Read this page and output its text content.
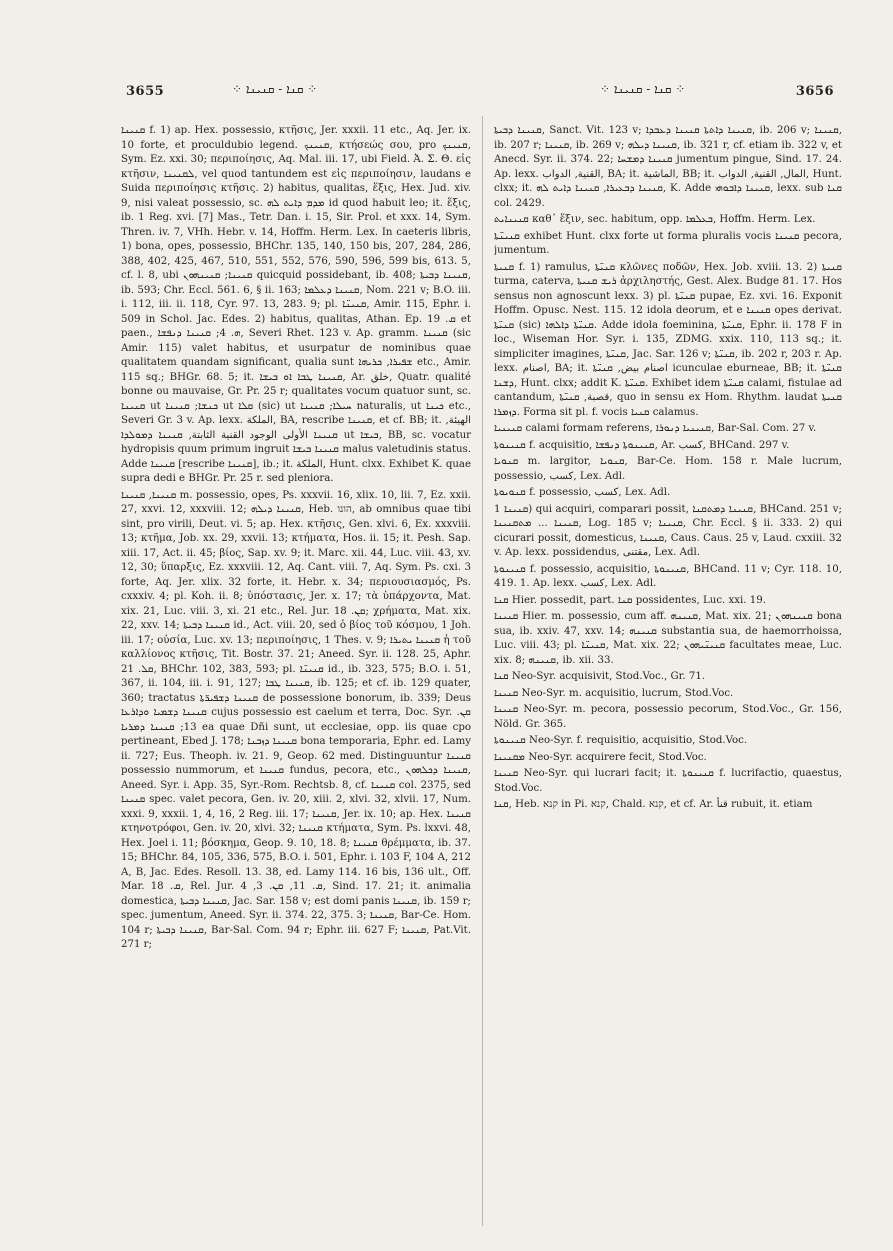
3655	⁘ ܩܢܐ - ܩܢܝܢܐ ⁘	⁘ ܩܢܐ - ܩܢܝܢܐ ⁘	3656

ܩܢܝܢܐ f. 1) ap. Hex. possessio, κτῆσις, Jer. xxxii. 11 etc., Aq. Jer. ix. 10 forte, et proculdubio legend. ܩܢܝܢܟ, κτήσεώς σου, pro ܩܢܝܢܟ, Sym. Ez. xxi. 30; περιποίησις, Aq. Mal. iii. 17, ubi Field. Ἀ. Σ. Θ. εἰς κτῆσιν, ܠܩܢܝܢܐ, vel quod tantundem est εἰς περιποίησιν, laudans e Suida περιποίησις κτῆσις. 2) habitus, qualitas, ἕξις, Hex. Jud. xiv. 9, nisi valeat possessio, sc. ܡܕܡ ܕܐܝܬ ܠܗ id quod habuit leo; it. ἕξις, ib. 1 Reg. xvi. [7] Mas., Tetr. Dan. i. 15, Sir. Prol. et xxx. 14, Sym. Thren. iv. 7, VHh. Hebr. v. 14, Hoffm. Herm. Lex. In caeteris libris, 1) bona, opes, possessio, BHChr. 135, 140, 150 bis, 207, 284, 286, 388, 402, 425, 467, 510, 551, 552, 576, 590, 596, 599 bis, 613. 5, cf. l. 8, ubi ܩܢܝܢܐ; ܩܢܝܢܗܘܢ quicquid possidebant, ib. 408; ܩܢܝܢܐ ܕܒܝܬܐ, ib. 593; Chr. Eccl. 561. 6, § ii. 163; ܩܢܝܢܐ ܕܥܠܡܐ, Nom. 221 v; B.O. iii. i. 112, iii. ii. 118, Cyr. 97. 13, 283. 9; pl. ܩܢܝܢ̈ܐ, Amir. 115, Ephr. i. 509 in Schol. Jac. Edes. 2) habitus, qualitas, Athan. Ep. ܩ. 19 et paen., ܗ. 4; ܩܢܝܢܐ ܕܢܦܫܐ, Severi Rhet. 123 v. Ap. gramm. ܩܢܝܢܐ (sic Amir. 115) valet habitus, et usurpatur de nominibus quae qualitatem quandam significant, qualia sunt ܫܦܝܪܐ, ܟܪܝܗܐ etc., Amir. 115 sq.; BHGr. 68. 5; it. ܩܢܝܢܐ ܛܒܐ ܐܘ ܒܝܫܐ, Ar. خلق, Quatr. qualité bonne ou mauvaise, Gr. Pr. 25 r; qualitates vocum quatuor sunt, sc. ܩܢܝܢܐ ut ܟܢܫܐ; ܩܢܝܢܐ ut ܩܠܐ (sic) ut ܚܝܠܐ; ܩܢܝܢܐ naturalis, ut ܟܝܢܐ etc., Severi Gr. 3 v. Ap. lexx. الملكة, BA, rescribe ܩܢܝܢܐ, et cf. BB; it. الهيئة, ܩܢܝܢܐ الأولى الوجود القنية الثابتة, ܩܢܝܢܐ ܕܡܘܠܕܐ ut ܒܝܫܐ, BB, sc. vocatur hydropisis quum primum ingruit ܩܢܝܢܐ ܒܝܫܐ malus valetudinis status. Adde ܩܢܝܢܐ [rescribe ܩܢܝܢܐ], ib.; it. الملكة, Hunt. clxx. Exhibet K. quae supra dedi e BHGr. Pr. 25 r. sed pleniora.

ܩܢܝܢܐ, ܩܢܝܢܐ m. possessio, opes, Ps. xxxvii. 16, xlix. 10, lii. 7, Ez. xxii. 27, xxvi. 12, xxxviii. 12; ܩܢܝܢܐ ܕܝܠܗ, Heb. הונו, ab omnibus quae tibi sint, pro virili, Deut. vi. 5; ap. Hex. κτῆσις, Gen. xlvi. 6, Ex. xxxviii. 13; κτῆμα, Job. xx. 29, xxvii. 13; κτήματα, Hos. ii. 15; it. Pesh. Sap. xiii. 17, Act. ii. 45; βίος, Sap. xv. 9; it. Marc. xii. 44, Luc. viii. 43, xv. 12, 30; ὕπαρξις, Ez. xxxviii. 12, Aq. Cant. viii. 7, Aq. Sym. Ps. cxi. 3 forte, Aq. Jer. xlix. 32 forte, it. Hebr. x. 34; περιουσιασμός, Ps. cxxxiv. 4; pl. Koh. ii. 8; ὑπόστασις, Jer. x. 17; τὰ ὑπάρχοντα, Mat. xix. 21, Luc. viii. 3, xi. 21 etc., Rel. Jur. ܩܢ. 18; χρήματα, Mat. xix. 22, xxv. 14; ܩܢܝܢܐ ܕܒܝܬܐ id., Act. viii. 20, sed ὁ βίος τοῦ κόσμου, 1 Joh. iii. 17; οὐσία, Luc. xv. 13; περιποίησις, 1 Thes. v. 9; ܩܢܝܢܐ ܝܬܝܪܐ ἡ τοῦ καλλίονος κτῆσις, Tit. Bostr. 37. 21; Aneed. Syr. ii. 128. 25, Aphr. ܩܠ. 21, BHChr. 102, 383, 593; pl. ܩܢܝܢ̈ܐ id., ib. 323, 575; B.O. i. 51, 367, ii. 104, iii. i. 91, 127; ܩܢܝܢܐ ܛܒܐ, ib. 125; et cf. ib. 129 quater, 360; tractatus ܩܢܝܢܐ ܕܫܦܝܪ̈ܬܐ de possessione bonorum, ib. 339; Deus ܩܢܝܢܐ ܕܫܡܝܐ ܘܕܐܪܥܐ cujus possessio est caelum et terra, Doc. Syr. ܩܢ. 13; ܩܢܝܢܐ ܕܡܪܝܐ ea quae Dñi sunt, ut ecclesiae, opp. iis quae cpo pertineant, Ebed J. 178; ܩܢܝܢܐ ܕܙܒܢܐ bona temporaria, Ephr. ed. Lamy ii. 727; Eus. Theoph. iv. 21. 9, Geop. 62 med. Distinguuntur ܩܢܝܢܐ possessio nummorum, et ܩܢܝܢܐ fundus, pecora, etc., ܩܢܝܢܐ ܕܟܠܗܘܢ, Aneed. Syr. i. App. 35, Syr.-Rom. Rechtsb. 8, cf. ܩܢܝܢܐ col. 2375, sed ܩܢܝܢܐ spec. valet pecora, Gen. iv. 20, xiii. 2, xlvi. 32, xlvii. 17, Num. xxxi. 9, xxxii. 1, 4, 16, 2 Reg. iii. 17; ܩܢܝܢܐ, Jer. ix. 10; ap. Hex. ܩܢܝܢܐ κτηνοτρόφοι, Gen. iv. 20, xlvi. 32; ܩܢܝܢܐ κτήματα, Sym. Ps. lxxvi. 48, Hex. Joel i. 11; βόσκημα, Geop. 9. 10, 18. 8; ܩܢܝܢܐ θρέμματα, ib. 37. 15; BHChr. 84, 105, 336, 575, B.O. i. 501, Ephr. i. 103 F, 104 A, 212 A, B, Jac. Edes. Resoll. 13. 38, ed. Lamy 114. 16 bis, 136 ult., Off. Mar. ܩ. 18, Rel. Jur. ܩ. 11, ܩܢ. 3, 4, Sind. 17. 21; it. animalia domestica, ܩܢܝܢܐ ܕܒܝܬܐ, Jac. Sar. 158 v; est domi panis ܩܢܝܢܐ, ib. 159 r; spec. jumentum, Aneed. Syr. ii. 374. 22, 375. 3; ܩܢܝܢܐ, Bar-Ce. Hom. 104 r; ܩܢܝܢܐ ܕܒܝܬܐ, Bar-Sal. Com. 94 r; Ephr. iii. 627 F; ܩܢܝܢܐ, Pat.Vit. 271 r;

ܩܢܝܢܐ ܕܒܝܬܐ, Sanct. Vit. 123 v; ܩܢܝܢܐ ܕܐܬܬܐ ܩܢܝܢܐ ܕܥܒܕܐ, ib. 206 v; ܩܢܝܢܐ, ib. 207 r; ܩܢܝܢܐ, ib. 269 v; ܩܢܝܢܐ ܕܝܠܗ, ib. 321 r, cf. etiam ib. 322 v, et Anecd. Syr. ii. 374. 22; ܩܢܝܢܐ ܕܡܫܚܐ jumentum pingue, Sind. 17. 24. Ap. lexx. القنية, الدواب, BA; it. الماشية, BB; it. المال, القنية, الدواب, Hunt. clxx; it. ܩܢܝܢܐ ܕܒܥܝܪܐ, ܩܢܝܢܐ ܕܐܝܬ ܠܗ, K. Adde ܩܢܝܢܐ ܕܐܒܘܗܝ, lexx. sub ܩܢܐ col. 2429.

ܩܢܝܢܐܝܬ καθ᾿ ἕξιν, sec. habitum, opp. ܒܥܠܡܐ, Hoffm. Herm. Lex.

ܩܢܝܢ̈ܬܐ exhibet Hunt. clxx forte ut forma pluralis vocis ܩܢܝܢܐ pecora, jumentum.

ܩܢܝܬܐ f. 1) ramulus, ܩܢܝ̈ܬܐ κλῶνες ποδῶν, Hex. Job. xviii. 13. 2) ܩܢܝܬܐ turma, caterva, ܪܝܫ ܩܢܝܬܐ ἀρχιληστής, Gest. Alex. Budge 81. 17. Hos sensus non agnoscunt lexx. 3) pl. ܩܢܝ̈ܬܐ pupae, Ez. xvi. 16. Exponit Hoffm. Opusc. Nest. 115. 12 idola deorum, et e ܩܢܝܢܐ opes derivat. ܩܢܝ̈ܬܐ (sic) ܩܢܝ̈ܬܐ ܕܐܠܗܐ. Adde idola foeminina, ܩܢܝ̈ܬܐ, Ephr. ii. 178 F in loc., Wiseman Hor. Syr. i. 135, ZDMG. xxix. 110, 113 sq.; it. simpliciter imagines, ܩܢܝ̈ܬܐ, Jac. Sar. 126 v; ܩܢܝ̈ܬܐ, ib. 202 r, 203 r. Ap. lexx. اصنام, BA; it. اصنام بيض, ܩܢܝ̈ܬܐ icunculae eburneae, BB; it. ܩܢܝ̈ܬܐ ܕܫܢܐ, Hunt. clxx; addit K. ܩܢܝ̈ܬܐ. Exhibet idem ܩܢܝ̈ܬܐ calami, fistulae ad cantandum, قصبة, ܩܢܝ̈ܬܐ, quo in sensu ex Hom. Rhythm. laudat ܩܢܝܬܐ ܕܙܡܪܐ. Forma sit pl. f. vocis ܩܢܝܐ calamus.

ܩܢܝܢܝܐ calami formam referens, ܩܢܝܢܝܐ ܕܢܘܪܐ, Bar-Sal. Com. 27 v.

ܩܢܝܢܘܬܐ f. acquisitio, ܩܢܝܢܘܬܐ ܕܢܦܫܐ, Ar. كسب, BHCand. 297 v.

ܩܢܘܝܐ m. largitor, ܩܢܘܝܐ, Bar-Ce. Hom. 158 r. Male lucrum, possessio, كسب, Lex. Adl.

ܩܢܘܝܘܬܐ f. possessio, كسب, Lex. Adl.

ܩܢܝܢܐ 1) qui acquiri, comparari possit, ܩܢܝܢܐ ܕܡܬܩܢܐ, BHCand. 251 v; ܩܢܝܢܐ ... ܡܬܩܢܝܢܐ, Log. 185 v; ܩܢܝܢܐ, Chr. Eccl. § ii. 333. 2) qui cicurari possit, domesticus, ܩܢܝܢܐ, Caus. Caus. 25 v, Laud. cxxiii. 32 v. Ap. lexx. possidendus, مقتنى, Lex. Adl.

ܩܢܝܢܘܬܐ f. possessio, acquisitio, ܩܢܝܢܘܬܐ, BHCand. 11 v; Cyr. 118. 10, 419. 1. Ap. lexx. كسب, Lex. Adl.

ܩܢܐ Hier. possedit, part. ܩܢܐ possidentes, Luc. xxi. 19.

ܩܢܝܢܐ Hier. m. possessio, cum aff. ܩܢܝܢܗ, Mat. xix. 21; ܩܢܝܢܗܘܢ bona sua, ib. xxiv. 47, xxv. 14; ܩܢܝܢܗ substantia sua, de haemorrhoissa, Luc. viii. 43; pl. ܩܢܝܢ̈ܐ, Mat. xix. 22; ܩܢܝܢ̈ܝܗܘܢ facultates meae, Luc. xix. 8; ܩܢܝܢܗ, ib. xii. 33.

ܩܢܐ Neo-Syr. acquisivit, Stod.Voc., Gr. 71.

ܩܢܝܢܐ Neo-Syr. m. acquisitio, lucrum, Stod.Voc.

ܩܢܝܢܐ Neo-Syr. m. pecora, possessio pecorum, Stod.Voc., Gr. 156, Nöld. Gr. 365.

ܩܢܝܢܘܬܐ Neo-Syr. f. requisitio, acquisitio, Stod.Voc.

ܡܩܢܝܢܐ Neo-Syr. acquirere fecit, Stod.Voc.

ܩܢܝܢܐ Neo-Syr. qui lucrari facit; it. ܩܢܝܢܘܬܐ f. lucrifactio, quaestus, Stod.Voc.

ܩܢܐ, Heb. קנא in Pi. קנא, Chald. קנא, et cf. Ar. قنأ rubuit, it. etiam
